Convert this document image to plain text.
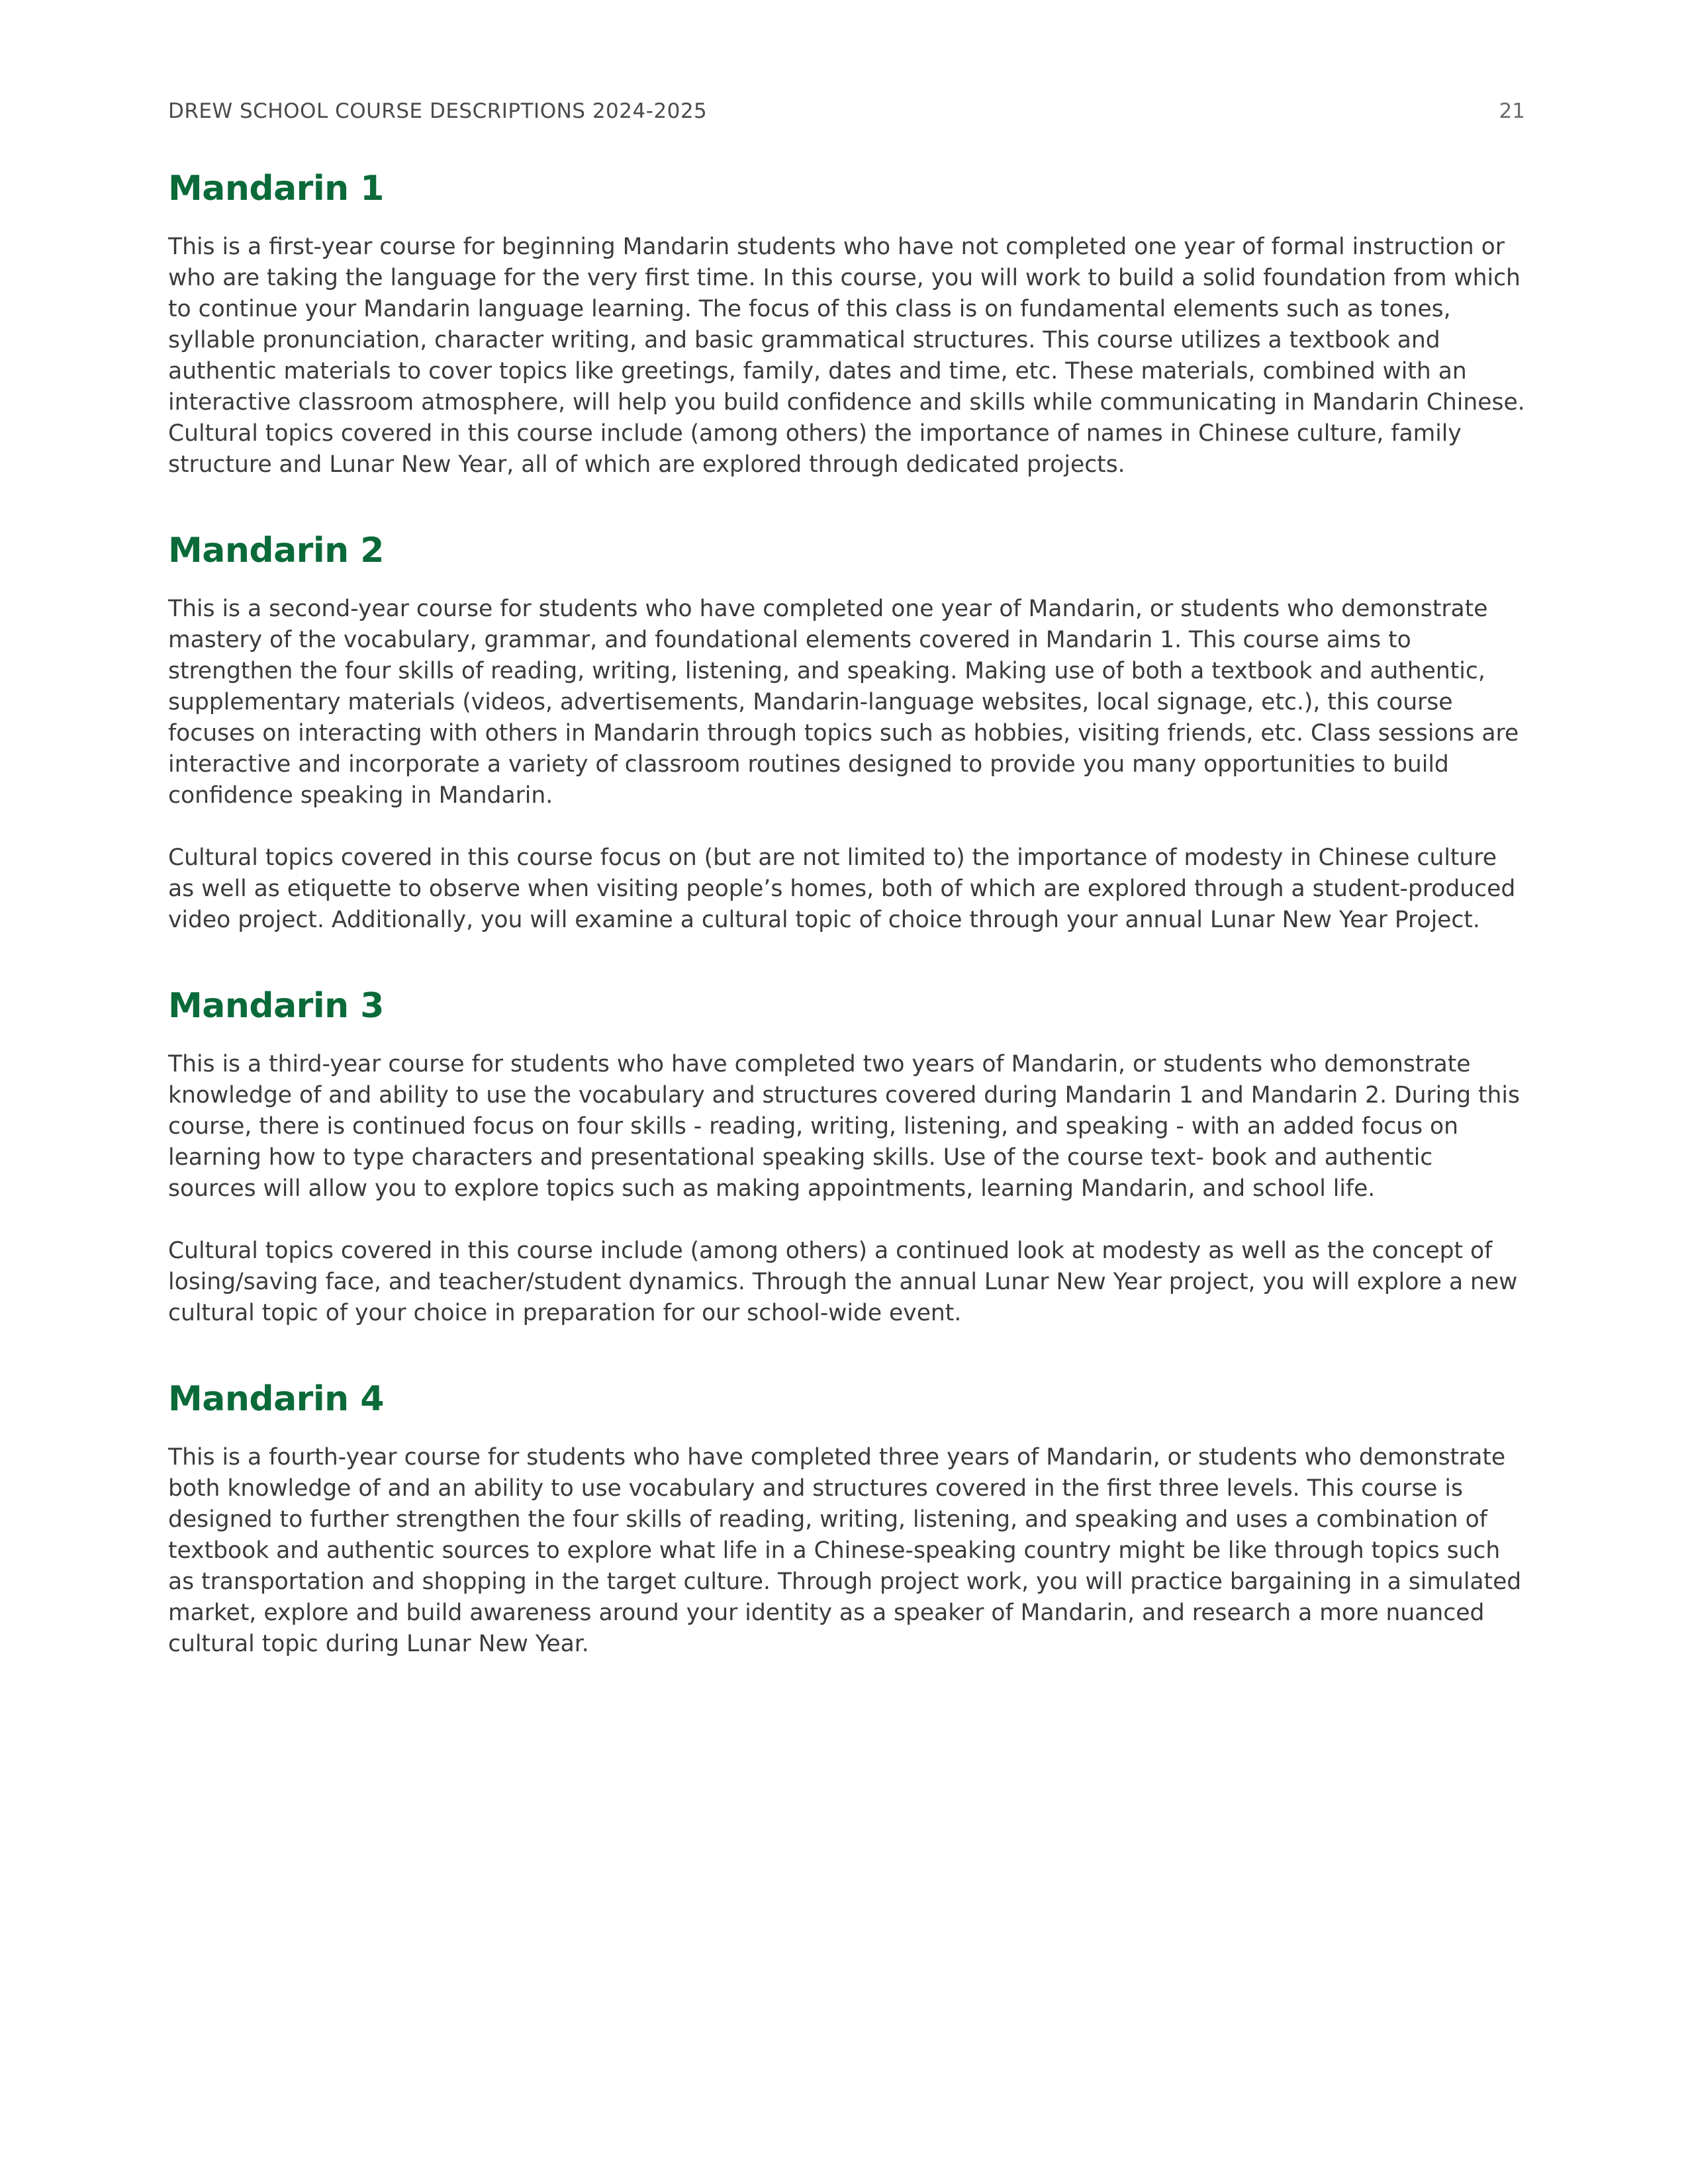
DREW SCHOOL COURSE DESCRIPTIONS 2024-2025	21
Mandarin 1

This is a first-year course for beginning Mandarin students who have not completed one year of formal instruction or who are taking the language for the very first time. In this course, you will work to build a solid foundation from which to continue your Mandarin language learning. The focus of this class is on fundamental elements such as tones, syllable pronunciation, character writing, and basic grammatical structures. This course utilizes a textbook and authentic materials to cover topics like greetings, family, dates and time, etc. These materials, combined with an interactive classroom atmosphere, will help you build confidence and skills while communicating in Mandarin Chinese. Cultural topics covered in this course include (among others) the importance of names in Chinese culture, family structure and Lunar New Year, all of which are explored through dedicated projects.

Mandarin 2

This is a second-year course for students who have completed one year of Mandarin, or students who demonstrate mastery of the vocabulary, grammar, and foundational elements covered in Mandarin 1. This course aims to strengthen the four skills of reading, writing, listening, and speaking. Making use of both a textbook and authentic, supplementary materials (videos, advertisements, Mandarin-language websites, local signage, etc.), this course focuses on interacting with others in Mandarin through topics such as hobbies, visiting friends, etc. Class sessions are interactive and incorporate a variety of classroom routines designed to provide you many opportunities to build confidence speaking in Mandarin.

Cultural topics covered in this course focus on (but are not limited to) the importance of modesty in Chinese culture as well as etiquette to observe when visiting people’s homes, both of which are explored through a student-produced video project. Additionally, you will examine a cultural topic of choice through your annual Lunar New Year Project.

Mandarin 3

This is a third-year course for students who have completed two years of Mandarin, or students who demonstrate knowledge of and ability to use the vocabulary and structures covered during Mandarin 1 and Mandarin 2. During this course, there is continued focus on four skills - reading, writing, listening, and speaking - with an added focus on learning how to type characters and presentational speaking skills. Use of the course text- book and authentic sources will allow you to explore topics such as making appointments, learning Mandarin, and school life.

Cultural topics covered in this course include (among others) a continued look at modesty as well as the concept of losing/saving face, and teacher/student dynamics. Through the annual Lunar New Year project, you will explore a new cultural topic of your choice in preparation for our school-wide event.

Mandarin 4

This is a fourth-year course for students who have completed three years of Mandarin, or students who demonstrate both knowledge of and an ability to use vocabulary and structures covered in the first three levels. This course is designed to further strengthen the four skills of reading, writing, listening, and speaking and uses a combination of textbook and authentic sources to explore what life in a Chinese-speaking country might be like through topics such as transportation and shopping in the target culture. Through project work, you will practice bargaining in a simulated market, explore and build awareness around your identity as a speaker of Mandarin, and research a more nuanced cultural topic during Lunar New Year.
